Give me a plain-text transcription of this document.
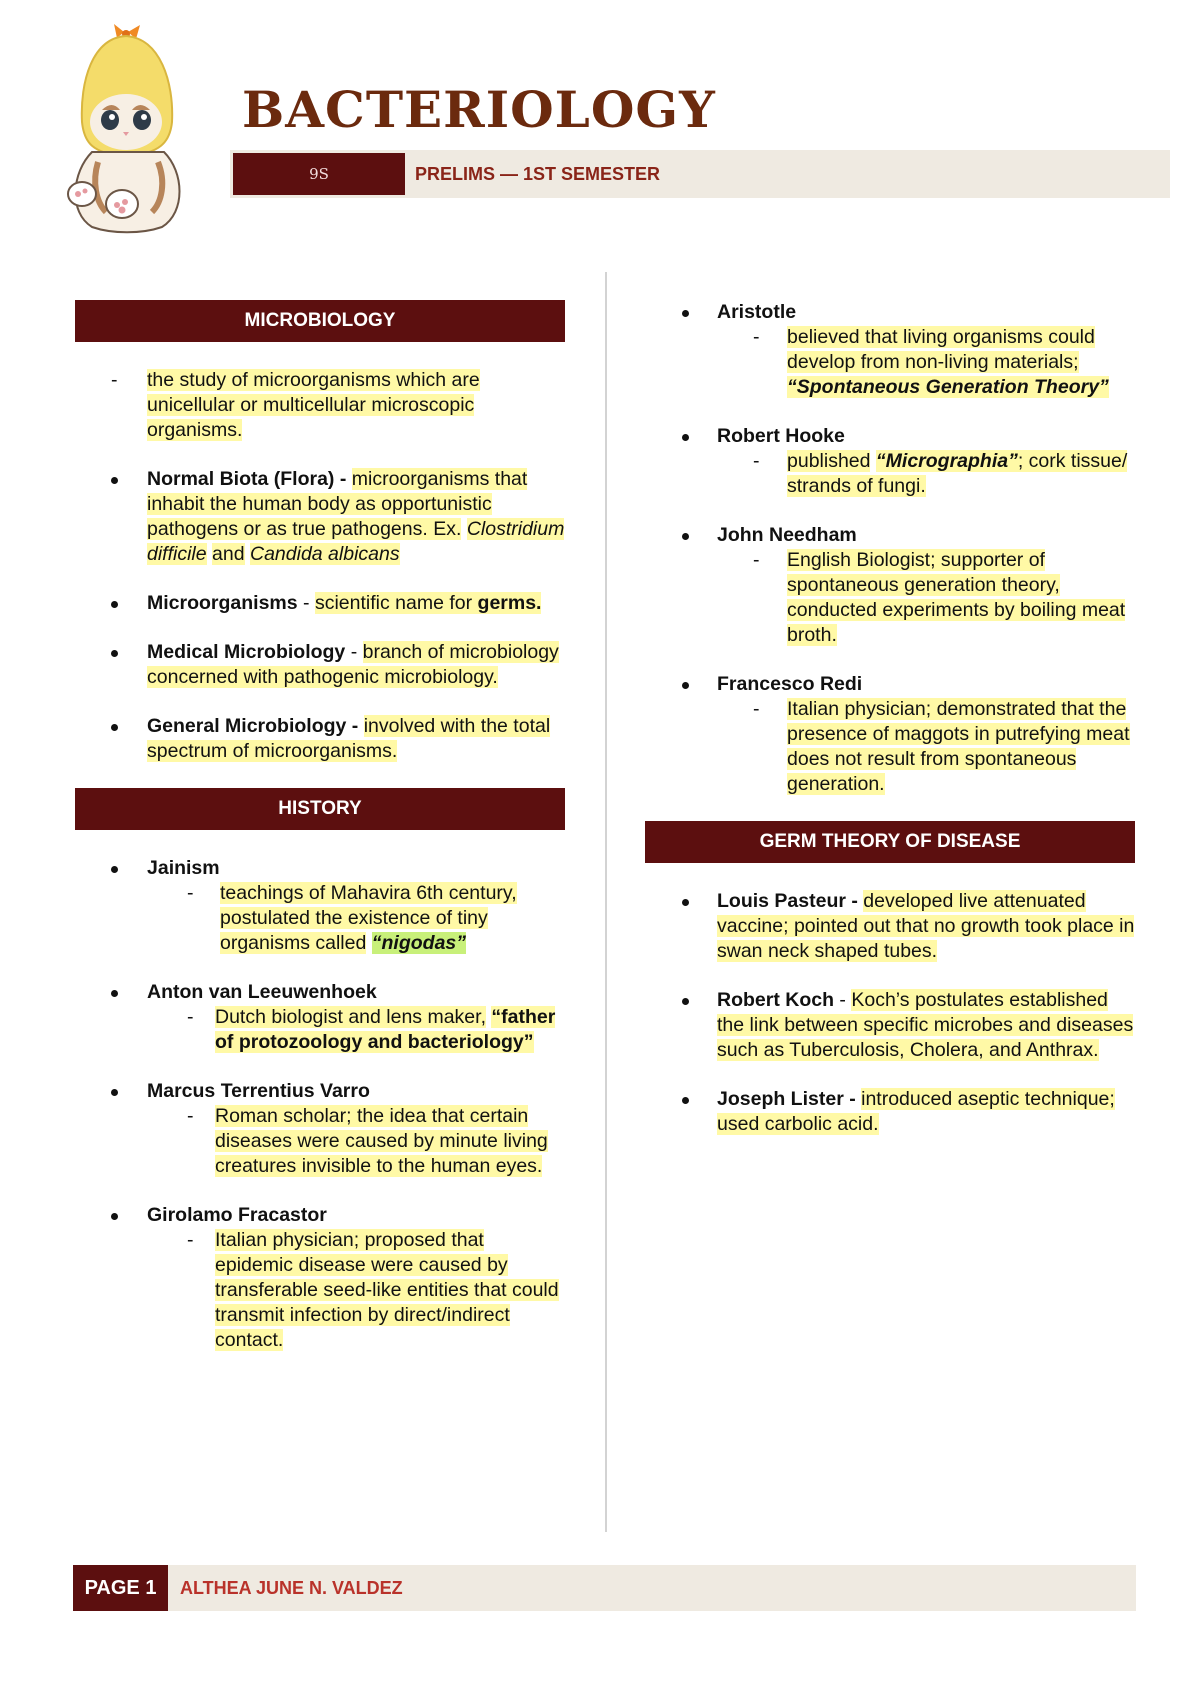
BACTERIOLOGY
9S	PRELIMS — 1ST SEMESTER
MICROBIOLOGY
- the study of microorganisms which are unicellular or multicellular microscopic organisms.
Normal Biota (Flora) - microorganisms that inhabit the human body as opportunistic pathogens or as true pathogens. Ex. Clostridium difficile and Candida albicans
Microorganisms - scientific name for germs.
Medical Microbiology - branch of microbiology concerned with pathogenic microbiology.
General Microbiology - involved with the total spectrum of microorganisms.
HISTORY
Jainism
- teachings of Mahavira 6th century, postulated the existence of tiny organisms called “nigodas”
Anton van Leeuwenhoek
- Dutch biologist and lens maker, “father of protozoology and bacteriology”
Marcus Terrentius Varro
- Roman scholar; the idea that certain diseases were caused by minute living creatures invisible to the human eyes.
Girolamo Fracastor
- Italian physician; proposed that epidemic disease were caused by transferable seed-like entities that could transmit infection by direct/indirect contact.
Aristotle
- believed that living organisms could develop from non-living materials; “Spontaneous Generation Theory”
Robert Hooke
- published “Micrographia”; cork tissue/ strands of fungi.
John Needham
- English Biologist; supporter of spontaneous generation theory, conducted experiments by boiling meat broth.
Francesco Redi
- Italian physician; demonstrated that the presence of maggots in putrefying meat does not result from spontaneous generation.
GERM THEORY OF DISEASE
Louis Pasteur - developed live attenuated vaccine; pointed out that no growth took place in swan neck shaped tubes.
Robert Koch - Koch’s postulates established the link between specific microbes and diseases such as Tuberculosis, Cholera, and Anthrax.
Joseph Lister - introduced aseptic technique; used carbolic acid.
PAGE 1	ALTHEA JUNE N. VALDEZ
